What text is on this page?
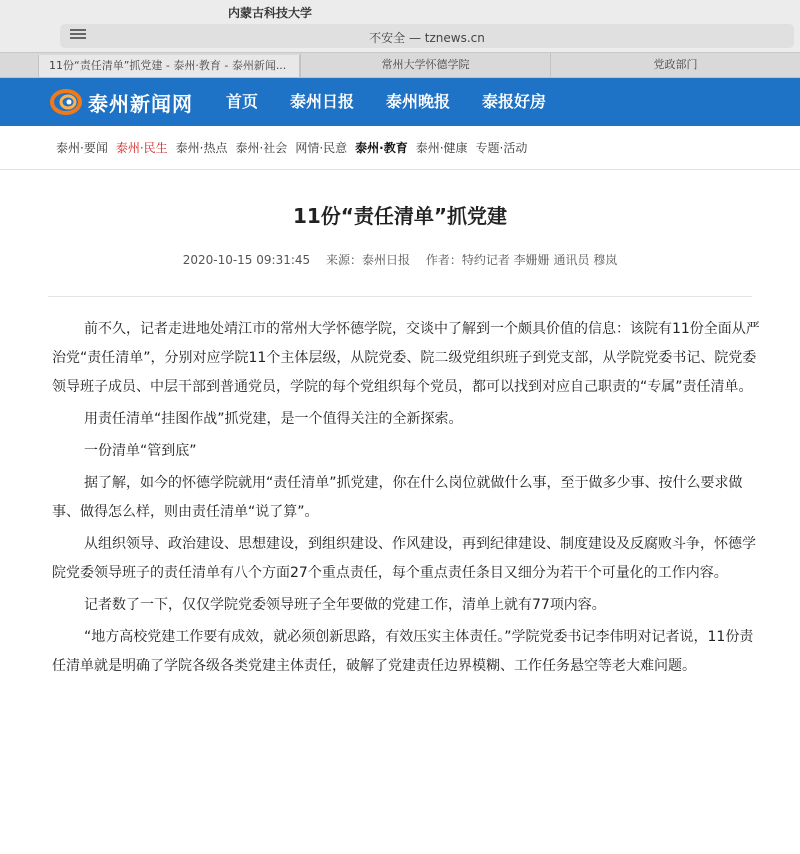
内蒙古科技大学
不安全 — tznews.cn
11份“责任清单”抓党建 - 泰州·教育 - 泰州新闻...	常州大学怀德学院	党政部门
泰州新闻网 首页 泰州日报 泰州晚报 泰报好房
泰州·要闻 泰州·民生 泰州·热点 泰州·社会 网情·民意 泰州·教育 泰州·健康 专题·活动
11份“责任清单”抓党建
2020-10-15 09:31:45 来源：泰州日报 作者：特约记者 李姗姗 通讯员 穆岚

前不久，记者走进地处靖江市的常州大学怀德学院，交谈中了解到一个颇具价值的信息：该院有11份全面从严治党“责任清单”，分别对应学院11个主体层级，从院党委、院二级党组织班子到党支部，从学院党委书记、院党委领导班子成员、中层干部到普通党员，学院的每个党组织每个党员，都可以找到对应自己职责的“专属”责任清单。

用责任清单“挂图作战”抓党建，是一个值得关注的全新探索。

一份清单“管到底”

据了解，如今的怀德学院就用“责任清单”抓党建，你在什么岗位就做什么事，至于做多少事、按什么要求做事、做得怎么样，则由责任清单“说了算”。

从组织领导、政治建设、思想建设，到组织建设、作风建设，再到纪律建设、制度建设及反腐败斗争，怀德学院党委领导班子的责任清单有八个方面27个重点责任，每个重点责任条目又细分为若干个可量化的工作内容。

记者数了一下，仅仅学院党委领导班子全年要做的党建工作，清单上就有77项内容。

“地方高校党建工作要有成效，就必须创新思路，有效压实主体责任。”学院党委书记李伟明对记者说，11份责任清单就是明确了学院各级各类党建主体责任，破解了党建责任边界模糊、工作任务悬空等老大难问题。
